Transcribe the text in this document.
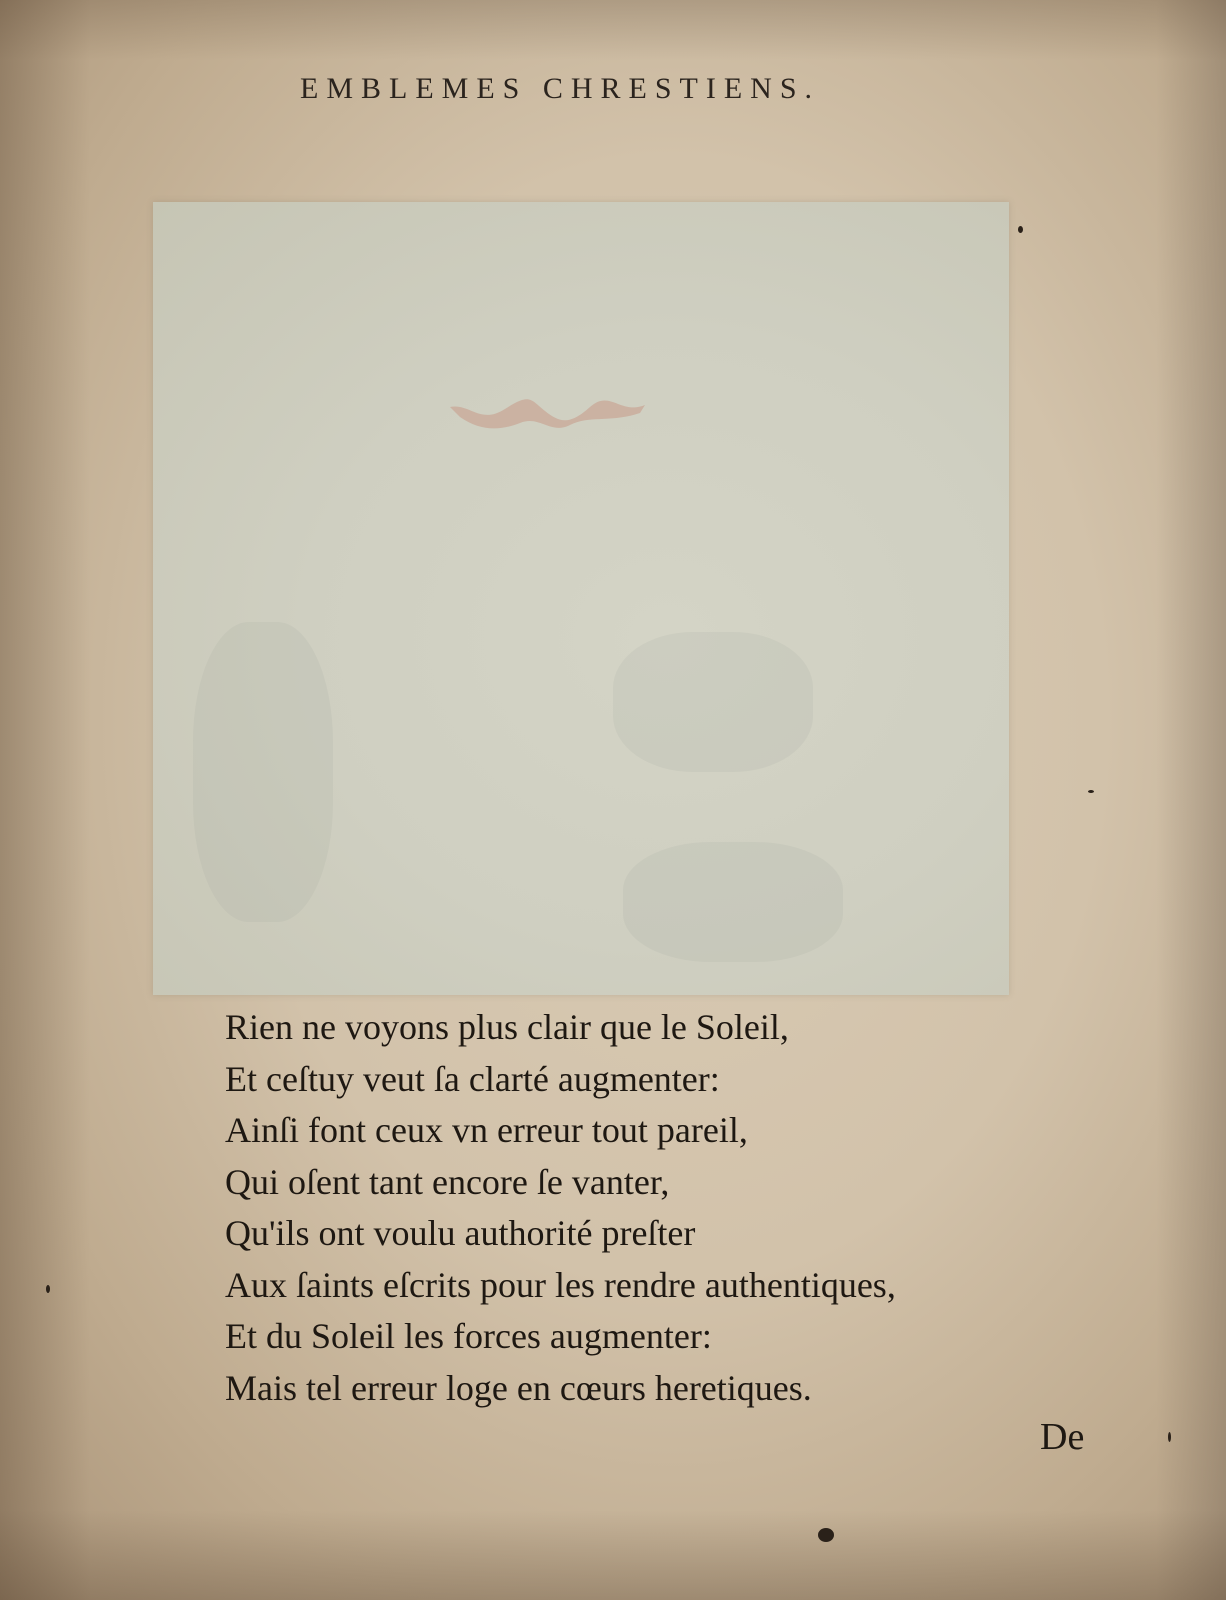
EMBLEMES CHRESTIENS.
Rien ne voyons plus clair que le Soleil,
Et ceſtuy veut ſa clarté augmenter:
Ainſi font ceux vn erreur tout pareil,
Qui oſent tant encore ſe vanter,
Qu'ils ont voulu authorité preſter
Aux ſaints eſcrits pour les rendre authentiques,
Et du Soleil les forces augmenter:
Mais tel erreur loge en cœurs heretiques.
De
